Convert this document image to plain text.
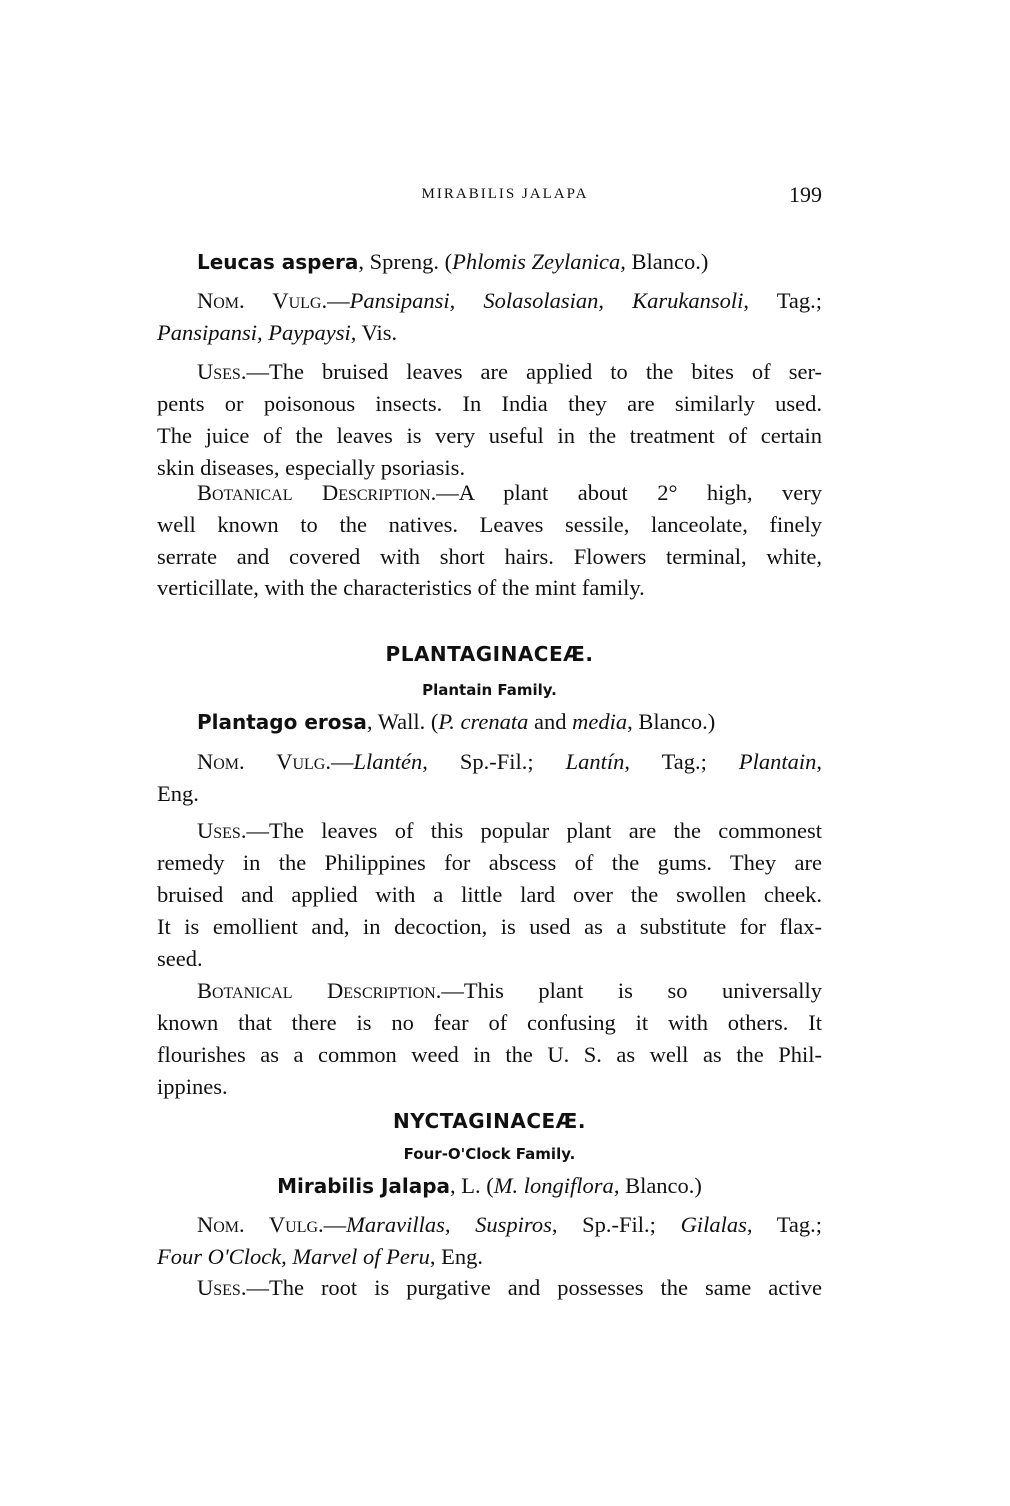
MIRABILIS JALAPA	199
Leucas aspera, Spreng. (Phlomis Zeylanica, Blanco.)
Nom. Vulg.—Pansipansi, Solasolasian, Karukansoli, Tag.;
Pansipansi, Paypaysi, Vis.
Uses.—The bruised leaves are applied to the bites of ser-
pents or poisonous insects. In India they are similarly used.
The juice of the leaves is very useful in the treatment of certain
skin diseases, especially psoriasis.
Botanical Description.—A plant about 2° high, very
well known to the natives. Leaves sessile, lanceolate, finely
serrate and covered with short hairs. Flowers terminal, white,
verticillate, with the characteristics of the mint family.
PLANTAGINACEÆ.
Plantain Family.
Plantago erosa, Wall. (P. crenata and media, Blanco.)
Nom. Vulg.—Llantén, Sp.-Fil.; Lantín, Tag.; Plantain,
Eng.
Uses.—The leaves of this popular plant are the commonest
remedy in the Philippines for abscess of the gums. They are
bruised and applied with a little lard over the swollen cheek.
It is emollient and, in decoction, is used as a substitute for flax-
seed.
Botanical Description.—This plant is so universally
known that there is no fear of confusing it with others. It
flourishes as a common weed in the U. S. as well as the Phil-
ippines.
NYCTAGINACEÆ.
Four-O'Clock Family.
Mirabilis Jalapa, L. (M. longiflora, Blanco.)
Nom. Vulg.—Maravillas, Suspiros, Sp.-Fil.; Gilalas, Tag.;
Four O'Clock, Marvel of Peru, Eng.
Uses.—The root is purgative and possesses the same active
